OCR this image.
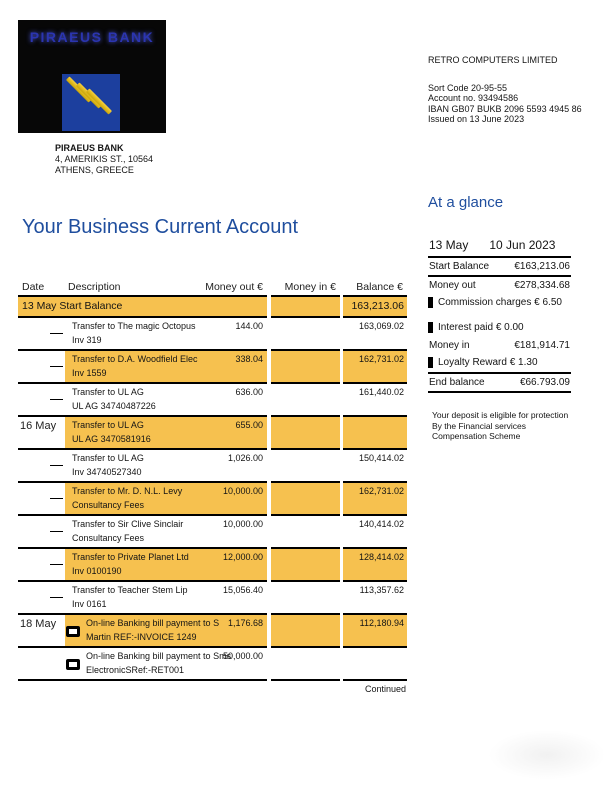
PIRAEUS BANK
PIRAEUS BANK
4, AMERIKIS ST., 10564
ATHENS, GREECE
RETRO COMPUTERS LIMITED
Sort Code 20-95-55
Account no. 93494586
IBAN GB07 BUKB 2096 5593 4945 86
Issued on 13 June 2023
Your Business Current Account
At a glance
13 May 10 Jun 2023
Start Balance	€163,213.06
Money out	€278,334.68
Commission charges € 6.50
Interest paid € 0.00
Money in	€181,914.71
Loyalty Reward € 1.30
End balance	€66.793.09
Your deposit is eligible for protection
By the Financial services
Compensation Scheme
Date Description	Money out € Money in € Balance €
13 May Start Balance	163,213.06
Transfer to The magic Octopus
Inv 319
144.00	163,069.02
Transfer to D.A. Woodfield Elec
Inv 1559
338.04	162,731.02
Transfer to UL AG
UL AG 34740487226
636.00	161,440.02
16 May Transfer to UL AG
UL AG 3470581916
655.00
Transfer to UL AG
Inv 34740527340
1,026.00	150,414.02
Transfer to Mr. D. N.L. Levy
Consultancy Fees
10,000.00	162,731.02
Transfer to Sir Clive Sinclair
Consultancy Fees
10,000.00	140,414.02
Transfer to Private Planet Ltd
Inv 0100190
12,000.00	128,414.02
Transfer to Teacher Stem Lip
Inv 0161
15,056.40	113,357.62
18 May	On-line Banking bill payment to S
Martin REF:-INVOICE 1249
1,176.68	112,180.94
On-line Banking bill payment to Sms
ElectronicSRef:-RET001
50,000.00
Continued
